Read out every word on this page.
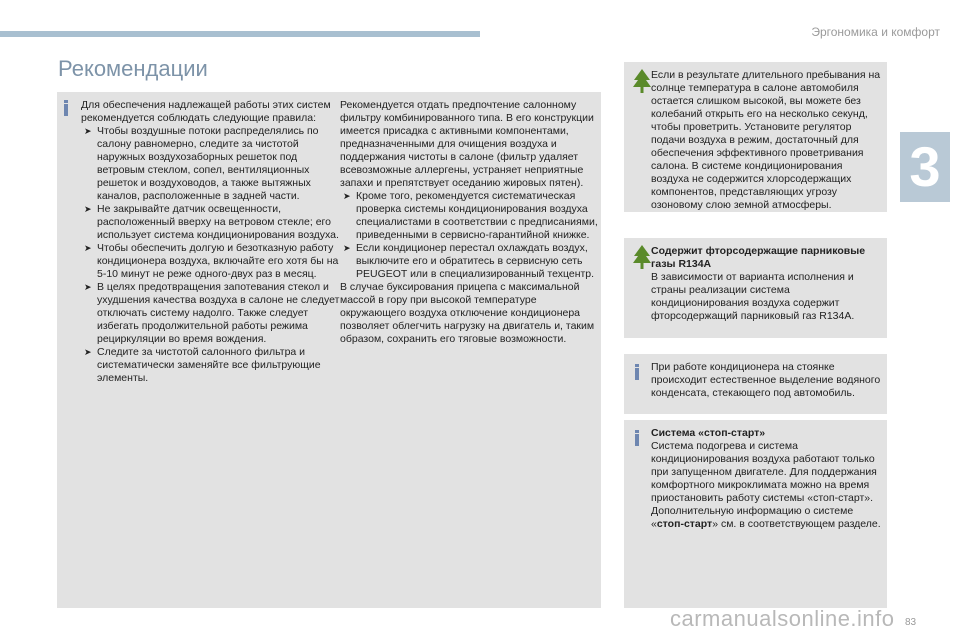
Эргономика и комфорт
3
Рекомендации
Для обеспечения надлежащей работы этих систем рекомендуется соблюдать следующие правила:
➤ Чтобы воздушные потоки распределялись по салону равномерно, следите за чистотой наружных воздухозаборных решеток под ветровым стеклом, сопел, вентиляционных решеток и воздуховодов, а также вытяжных каналов, расположенные в задней части.
➤ Не закрывайте датчик освещенности, расположенный вверху на ветровом стекле; его использует система кондиционирования воздуха.
➤ Чтобы обеспечить долгую и безотказную работу кондиционера воздуха, включайте его хотя бы на 5-10 минут не реже одного-двух раз в месяц.
➤ В целях предотвращения запотевания стекол и ухудшения качества воздуха в салоне не следует отключать систему надолго. Также следует избегать продолжительной работы режима рециркуляции во время вождения.
➤ Следите за чистотой салонного фильтра и систематически заменяйте все фильтрующие элементы.
Рекомендуется отдать предпочтение салонному фильтру комбинированного типа. В его конструкции имеется присадка с активными компонентами, предназначенными для очищения воздуха и поддержания чистоты в салоне (фильтр удаляет всевозможные аллергены, устраняет неприятные запахи и препятствует оседанию жировых пятен).
➤ Кроме того, рекомендуется систематическая проверка системы кондиционирования воздуха специалистами в соответствии с предписаниями, приведенными в сервисно-гарантийной книжке.
➤ Если кондиционер перестал охлаждать воздух, выключите его и обратитесь в сервисную сеть PEUGEOT или в специализированный техцентр.
В случае буксирования прицепа с максимальной массой в гору при высокой температуре окружающего воздуха отключение кондиционера позволяет облегчить нагрузку на двигатель и, таким образом, сохранить его тяговые возможности.
Если в результате длительного пребывания на солнце температура в салоне автомобиля остается слишком высокой, вы можете без колебаний открыть его на несколько секунд, чтобы проветрить. Установите регулятор подачи воздуха в режим, достаточный для обеспечения эффективного проветривания салона. В системе кондиционирования воздуха не содержится хлорсодержащих компонентов, представляющих угрозу озоновому слою земной атмосферы.
Содержит фторсодержащие парниковые газы R134A
В зависимости от варианта исполнения и страны реализации система кондиционирования воздуха содержит фторсодержащий парниковый газ R134A.
При работе кондиционера на стоянке происходит естественное выделение водяного конденсата, стекающего под автомобиль.
Система «стоп-старт»
Система подогрева и система кондиционирования воздуха работают только при запущенном двигателе. Для поддержания комфортного микроклимата можно на время приостановить работу системы «стоп-старт». Дополнительную информацию о системе «стоп-старт» см. в соответствующем разделе.
carmanualsonline.info 83
